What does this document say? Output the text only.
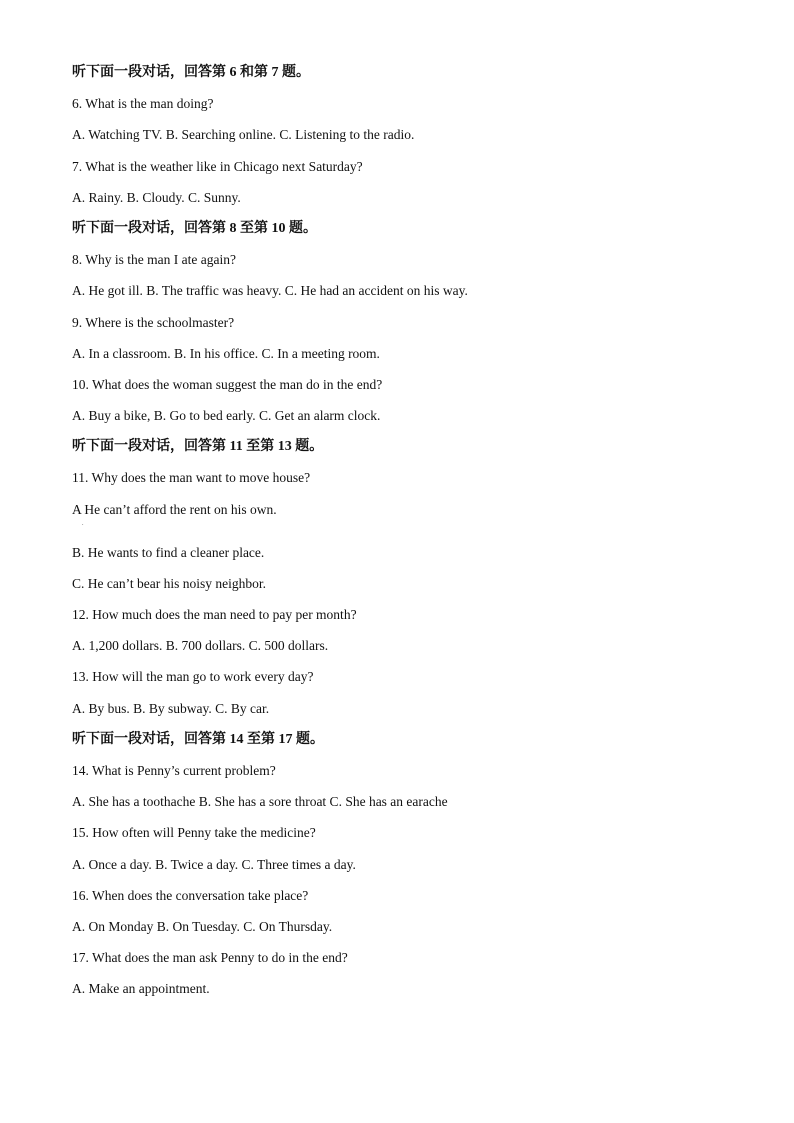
听下面一段对话，回答第 6 和第 7 题。
6. What is the man doing?
A. Watching TV. B. Searching online. C. Listening to the radio.
7. What is the weather like in Chicago next Saturday?
A. Rainy. B. Cloudy. C. Sunny.
听下面一段对话，回答第 8 至第 10 题。
8. Why is the man I ate again?
A. He got ill. B. The traffic was heavy. C. He had an accident on his way.
9. Where is the schoolmaster?
A. In a classroom. B. In his office. C. In a meeting room.
10. What does the woman suggest the man do in the end?
A. Buy a bike, B. Go to bed early. C. Get an alarm clock.
听下面一段对话，回答第 11 至第 13 题。
11. Why does the man want to move house?
A He can’t afford the rent on his own.
.
B. He wants to find a cleaner place.
C. He can’t bear his noisy neighbor.
12. How much does the man need to pay per month?
A. 1,200 dollars. B. 700 dollars. C. 500 dollars.
13. How will the man go to work every day?
A. By bus. B. By subway. C. By car.
听下面一段对话，回答第 14 至第 17 题。
14. What is Penny’s current problem?
A. She has a toothache B. She has a sore throat C. She has an earache
15. How often will Penny take the medicine?
A. Once a day. B. Twice a day. C. Three times a day.
16. When does the conversation take place?
A. On Monday B. On Tuesday. C. On Thursday.
17. What does the man ask Penny to do in the end?
A. Make an appointment.
